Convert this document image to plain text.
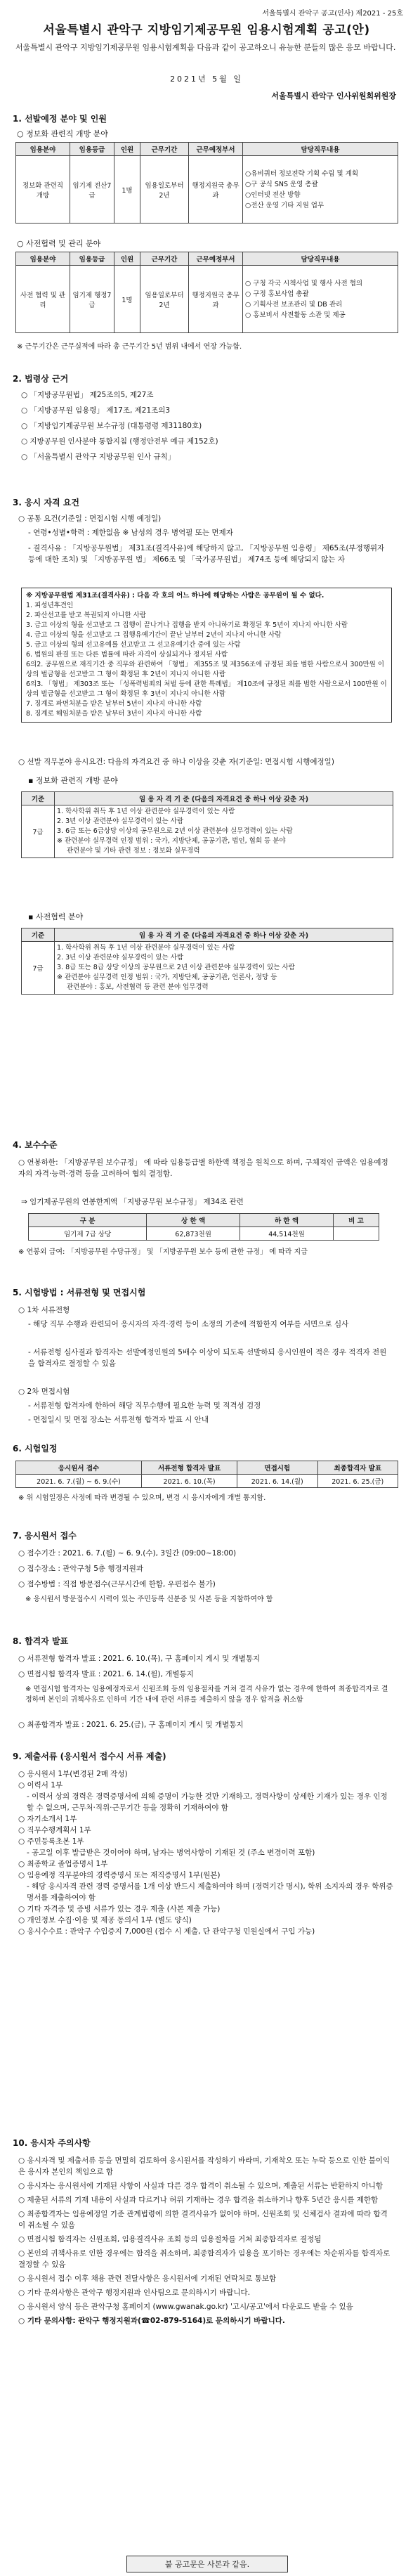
서울특별시 관악구 공고(인사) 제2021 - 25호
서울특별시 관악구 지방임기제공무원 임용시험계획 공고(안)
서울특별시 관악구 지방임기제공무원 임용시험계획을 다음과 같이 공고하오니 유능한 분들의 많은 응모 바랍니다.
2021년 5월 일
서울특별시 관악구 인사위원회위원장
1. 선발예정 분야 및 인원
○ 정보화 관련직 개방 분야
임용분야	임용등급	인원	근무기간	근무예정부서	담당직무내용
정보화 관련직 개방	임기제 전산7급	1명	임용일로부터 2년	행정지원국 총무과	○유비쿼터 정보전략 기획 수립 및 계획
○구 공식 SNS 운영 총괄
○인터넷 전산 방향
○전산 운영 기타 지원 업무
○ 사전협력 및 관리 분야
임용분야	임용등급	인원	근무기간	근무예정부서	담당직무내용
사전 협력 및 관리	임기제 행정7급	1명	임용일로부터 2년	행정지원국 총무과	○ 구청 각국 시책사업 및 행사 사전 협의
○ 구정 홍보사업 총괄
○ 기획사전 보조관리 및 DB 관리
○ 홍보비서 사전활동 소관 및 제공
※ 근무기간은 근무실적에 따라 총 근무기간 5년 범위 내에서 연장 가능함.
2. 법령상 근거
○ 「지방공무원법」 제25조의5, 제27조
○ 「지방공무원 임용령」 제17조, 제21조의3
○ 「지방임기제공무원 보수규정 (대통령령 제31180호)
○ 지방공무원 인사분야 통합지침 (행정안전부 예규 제152호)
○ 「서울특별시 관악구 지방공무원 인사 규칙」
3. 응시 자격 요건
○ 공통 요건(기준일 : 면접시험 시행 예정일)
- 연령•성별•학력 : 제한없음 ※ 남성의 경우 병역필 또는 면제자
- 결격사유 : 「지방공무원법」 제31조(결격사유)에 해당하지 않고, 「지방공무원 임용령」 제65조(부정행위자 등에 대한 조치) 및 「지방공무원 법」 제66조 및 「국가공무원법」 제74조 등에 해당되지 않는 자
※ 지방공무원법 제31조(결격사유) : 다음 각 호의 어느 하나에 해당하는 사람은 공무원이 될 수 없다.
1. 피성년후견인
2. 파산선고를 받고 복권되지 아니한 사람
3. 금고 이상의 형을 선고받고 그 집행이 끝나거나 집행을 받지 아니하기로 확정된 후 5년이 지나지 아니한 사람
4. 금고 이상의 형을 선고받고 그 집행유예기간이 끝난 날부터 2년이 지나지 아니한 사람
5. 금고 이상의 형의 선고유예를 선고받고 그 선고유예기간 중에 있는 사람
6. 법원의 판결 또는 다른 법률에 따라 자격이 상실되거나 정지된 사람
6의2. 공무원으로 재직기간 중 직무와 관련하여 「형법」 제355조 및 제356조에 규정된 죄를 범한 사람으로서 300만원 이상의 벌금형을 선고받고 그 형이 확정된 후 2년이 지나지 아니한 사람
6의3. 「형법」 제303조 또는 「성폭력범죄의 처벌 등에 관한 특례법」 제10조에 규정된 죄를 범한 사람으로서 100만원 이상의 벌금형을 선고받고 그 형이 확정된 후 3년이 지나지 아니한 사람
7. 징계로 파면처분을 받은 날부터 5년이 지나지 아니한 사람
8. 징계로 해임처분을 받은 날부터 3년이 지나지 아니한 사람
○ 선발 직무분야 응시요건: 다음의 자격요건 중 하나 이상을 갖춘 자(기준일: 면접시험 시행예정일)
▪ 정보화 관련직 개방 분야
기준	임 용 자 격 기 준 (다음의 자격요건 중 하나 이상 갖춘 자)
7급	1. 학사학위 취득 후 1년 이상 관련분야 실무경력이 있는 사람
2. 3년 이상 관련분야 실무경력이 있는 사람
3. 6급 또는 6급상당 이상의 공무원으로 2년 이상 관련분야 실무경력이 있는 사람
※ 관련분야 실무경력 인정 범위 : 국가, 지방단체, 공공기관, 법인, 협회 등 분야
관련분야 및 기타 관련 정보 : 정보화 실무경력
▪ 사전협력 분야
기준	임 용 자 격 기 준 (다음의 자격요건 중 하나 이상 갖춘 자)
7급	1. 학사학위 취득 후 1년 이상 관련분야 실무경력이 있는 사람
2. 3년 이상 관련분야 실무경력이 있는 사람
3. 8급 또는 8급 상당 이상의 공무원으로 2년 이상 관련분야 실무경력이 있는 사람
※ 관련분야 실무경력 인정 범위 : 국가, 지방단체, 공공기관, 언론사, 정당 등
관련분야 : 홍보, 사전협력 등 관련 분야 업무경력
4. 보수수준
○ 연봉하한: 「지방공무원 보수규정」 에 따라 임용등급별 하한액 책정을 원칙으로 하며, 구체적인 금액은 임용예정자의 자격·능력·경력 등을 고려하여 협의 결정함.
⇒ 임기제공무원의 연봉한계액 「지방공무원 보수규정」 제34조 관련
구 분	상 한 액	하 한 액	비 고
임기제 7급 상당	62,873천원	44,514천원	
※ 연봉외 급여: 「지방공무원 수당규정」 및 「지방공무원 보수 등에 관한 규정」 에 따라 지급
5. 시험방법 : 서류전형 및 면접시험
○ 1차 서류전형
- 해당 직무 수행과 관련되어 응시자의 자격·경력 등이 소정의 기준에 적합한지 여부를 서면으로 심사
- 서류전형 심사결과 합격자는 선발예정인원의 5배수 이상이 되도록 선발하되 응시인원이 적은 경우 적격자 전원을 합격자로 결정할 수 있음
○ 2차 면접시험
- 서류전형 합격자에 한하여 해당 직무수행에 필요한 능력 및 적격성 검정
- 면접일시 및 면접 장소는 서류전형 합격자 발표 시 안내
6. 시험일정
응시원서 접수	서류전형 합격자 발표	면접시험	최종합격자 발표
2021. 6. 7.(월) ~ 6. 9.(수)	2021. 6. 10.(목)	2021. 6. 14.(월)	2021. 6. 25.(금)
※ 위 시험일정은 사정에 따라 변경될 수 있으며, 변경 시 응시자에게 개별 통지함.
7. 응시원서 접수
○ 접수기간 : 2021. 6. 7.(월) ~ 6. 9.(수), 3일간 (09:00~18:00)
○ 접수장소 : 관악구청 5층 행정지원과
○ 접수방법 : 직접 방문접수(근무시간에 한함, 우편접수 불가)
※ 응시원서 방문접수시 시력이 있는 주민등록 신분증 및 사본 등을 지참하여야 함
8. 합격자 발표
○ 서류전형 합격자 발표 : 2021. 6. 10.(목), 구 홈페이지 게시 및 개별통지
○ 면접시험 합격자 발표 : 2021. 6. 14.(월), 개별통지
※ 면접시험 합격자는 임용예정자로서 신원조회 등의 임용절차를 거쳐 결격 사유가 없는 경우에 한하여 최종합격자로 결정하며 본인의 귀책사유로 인하여 기간 내에 관련 서류를 제출하지 않을 경우 합격을 취소함
○ 최종합격자 발표 : 2021. 6. 25.(금), 구 홈페이지 게시 및 개별통지
9. 제출서류 (응시원서 접수시 서류 제출)
○ 응시원서 1부(변경된 2매 작성)
○ 이력서 1부
- 이력서 상의 경력은 경력증명서에 의해 증명이 가능한 것만 기재하고, 경력사항이 상세한 기재가 있는 경우 인정할 수 없으며, 근무처·직위·근무기간 등을 정확히 기재하여야 함
○ 자기소개서 1부
○ 직무수행계획서 1부
○ 주민등록초본 1부
- 공고일 이후 발급받은 것이어야 하며, 남자는 병역사항이 기재된 것 (주소 변경이력 포함)
○ 최종학교 졸업증명서 1부
○ 임용예정 직무분야의 경력증명서 또는 재직증명서 1부(원본)
- 해당 응시자격 관련 경력 증명서를 1개 이상 반드시 제출하여야 하며 (경력기간 명시), 학위 소지자의 경우 학위증명서를 제출하여야 함
○ 기타 자격증 및 증빙 서류가 있는 경우 제출 (사본 제출 가능)
○ 개인정보 수집·이용 및 제공 동의서 1부 (별도 양식)
○ 응시수수료 : 관악구 수입증지 7,000원 (접수 시 제출, 단 관악구청 민원실에서 구입 가능)
10. 응시자 주의사항
○ 응시자격 및 제출서류 등을 면밀히 검토하여 응시원서를 작성하기 바라며, 기재착오 또는 누락 등으로 인한 불이익은 응시자 본인의 책임으로 함
○ 응시자는 응시원서에 기재된 사항이 사실과 다른 경우 합격이 취소될 수 있으며, 제출된 서류는 반환하지 아니함
○ 제출된 서류의 기재 내용이 사실과 다르거나 허위 기재하는 경우 합격을 취소하거나 향후 5년간 응시를 제한함
○ 최종합격자는 임용예정일 기준 관계법령에 의한 결격사유가 없어야 하며, 신원조회 및 신체검사 결과에 따라 합격이 취소될 수 있음
○ 면접시험 합격자는 신원조회, 임용결격사유 조회 등의 임용절차를 거쳐 최종합격자로 결정됨
○ 본인의 귀책사유로 인한 경우에는 합격을 취소하며, 최종합격자가 임용을 포기하는 경우에는 차순위자를 합격자로 결정할 수 있음
○ 응시원서 접수 이후 채용 관련 전달사항은 응시원서에 기재된 연락처로 통보함
○ 기타 문의사항은 관악구 행정지원과 인사팀으로 문의하시기 바랍니다.
○ 응시원서 양식 등은 관악구청 홈페이지 (www.gwanak.go.kr) '고시/공고'에서 다운로드 받을 수 있음
○ 기타 문의사항: 관악구 행정지원과(☎02-879-5164)로 문의하시기 바랍니다.
붙 공고문은 사본과 같음.
